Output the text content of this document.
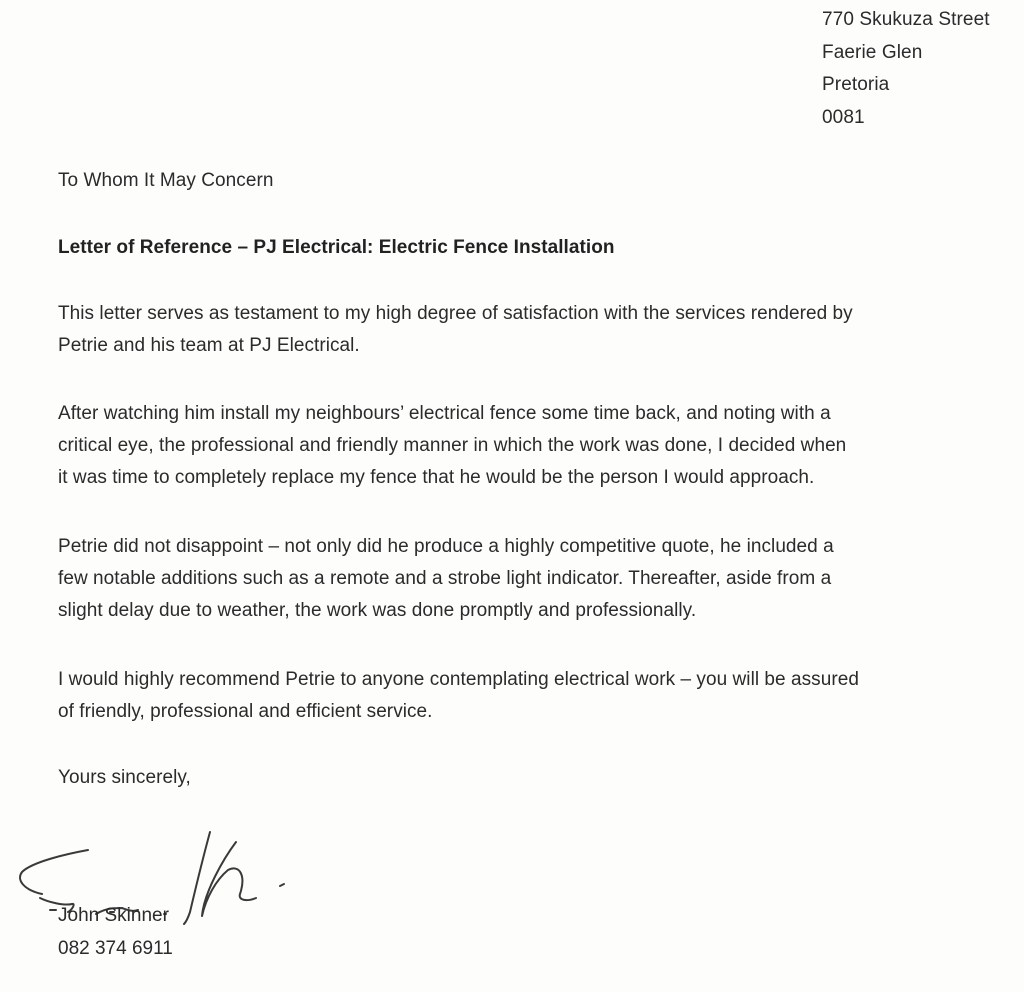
770 Skukuza Street
Faerie Glen
Pretoria
0081
To Whom It May Concern
Letter of Reference – PJ Electrical: Electric Fence Installation
This letter serves as testament to my high degree of satisfaction with the services rendered by
Petrie and his team at PJ Electrical.
After watching him install my neighbours’ electrical fence some time back, and noting with a
critical eye, the professional and friendly manner in which the work was done, I decided when
it was time to completely replace my fence that he would be the person I would approach.
Petrie did not disappoint – not only did he produce a highly competitive quote, he included a
few notable additions such as a remote and a strobe light indicator. Thereafter, aside from a
slight delay due to weather, the work was done promptly and professionally.
I would highly recommend Petrie to anyone contemplating electrical work – you will be assured
of friendly, professional and efficient service.
Yours sincerely,
John Skinner
082 374 6911
